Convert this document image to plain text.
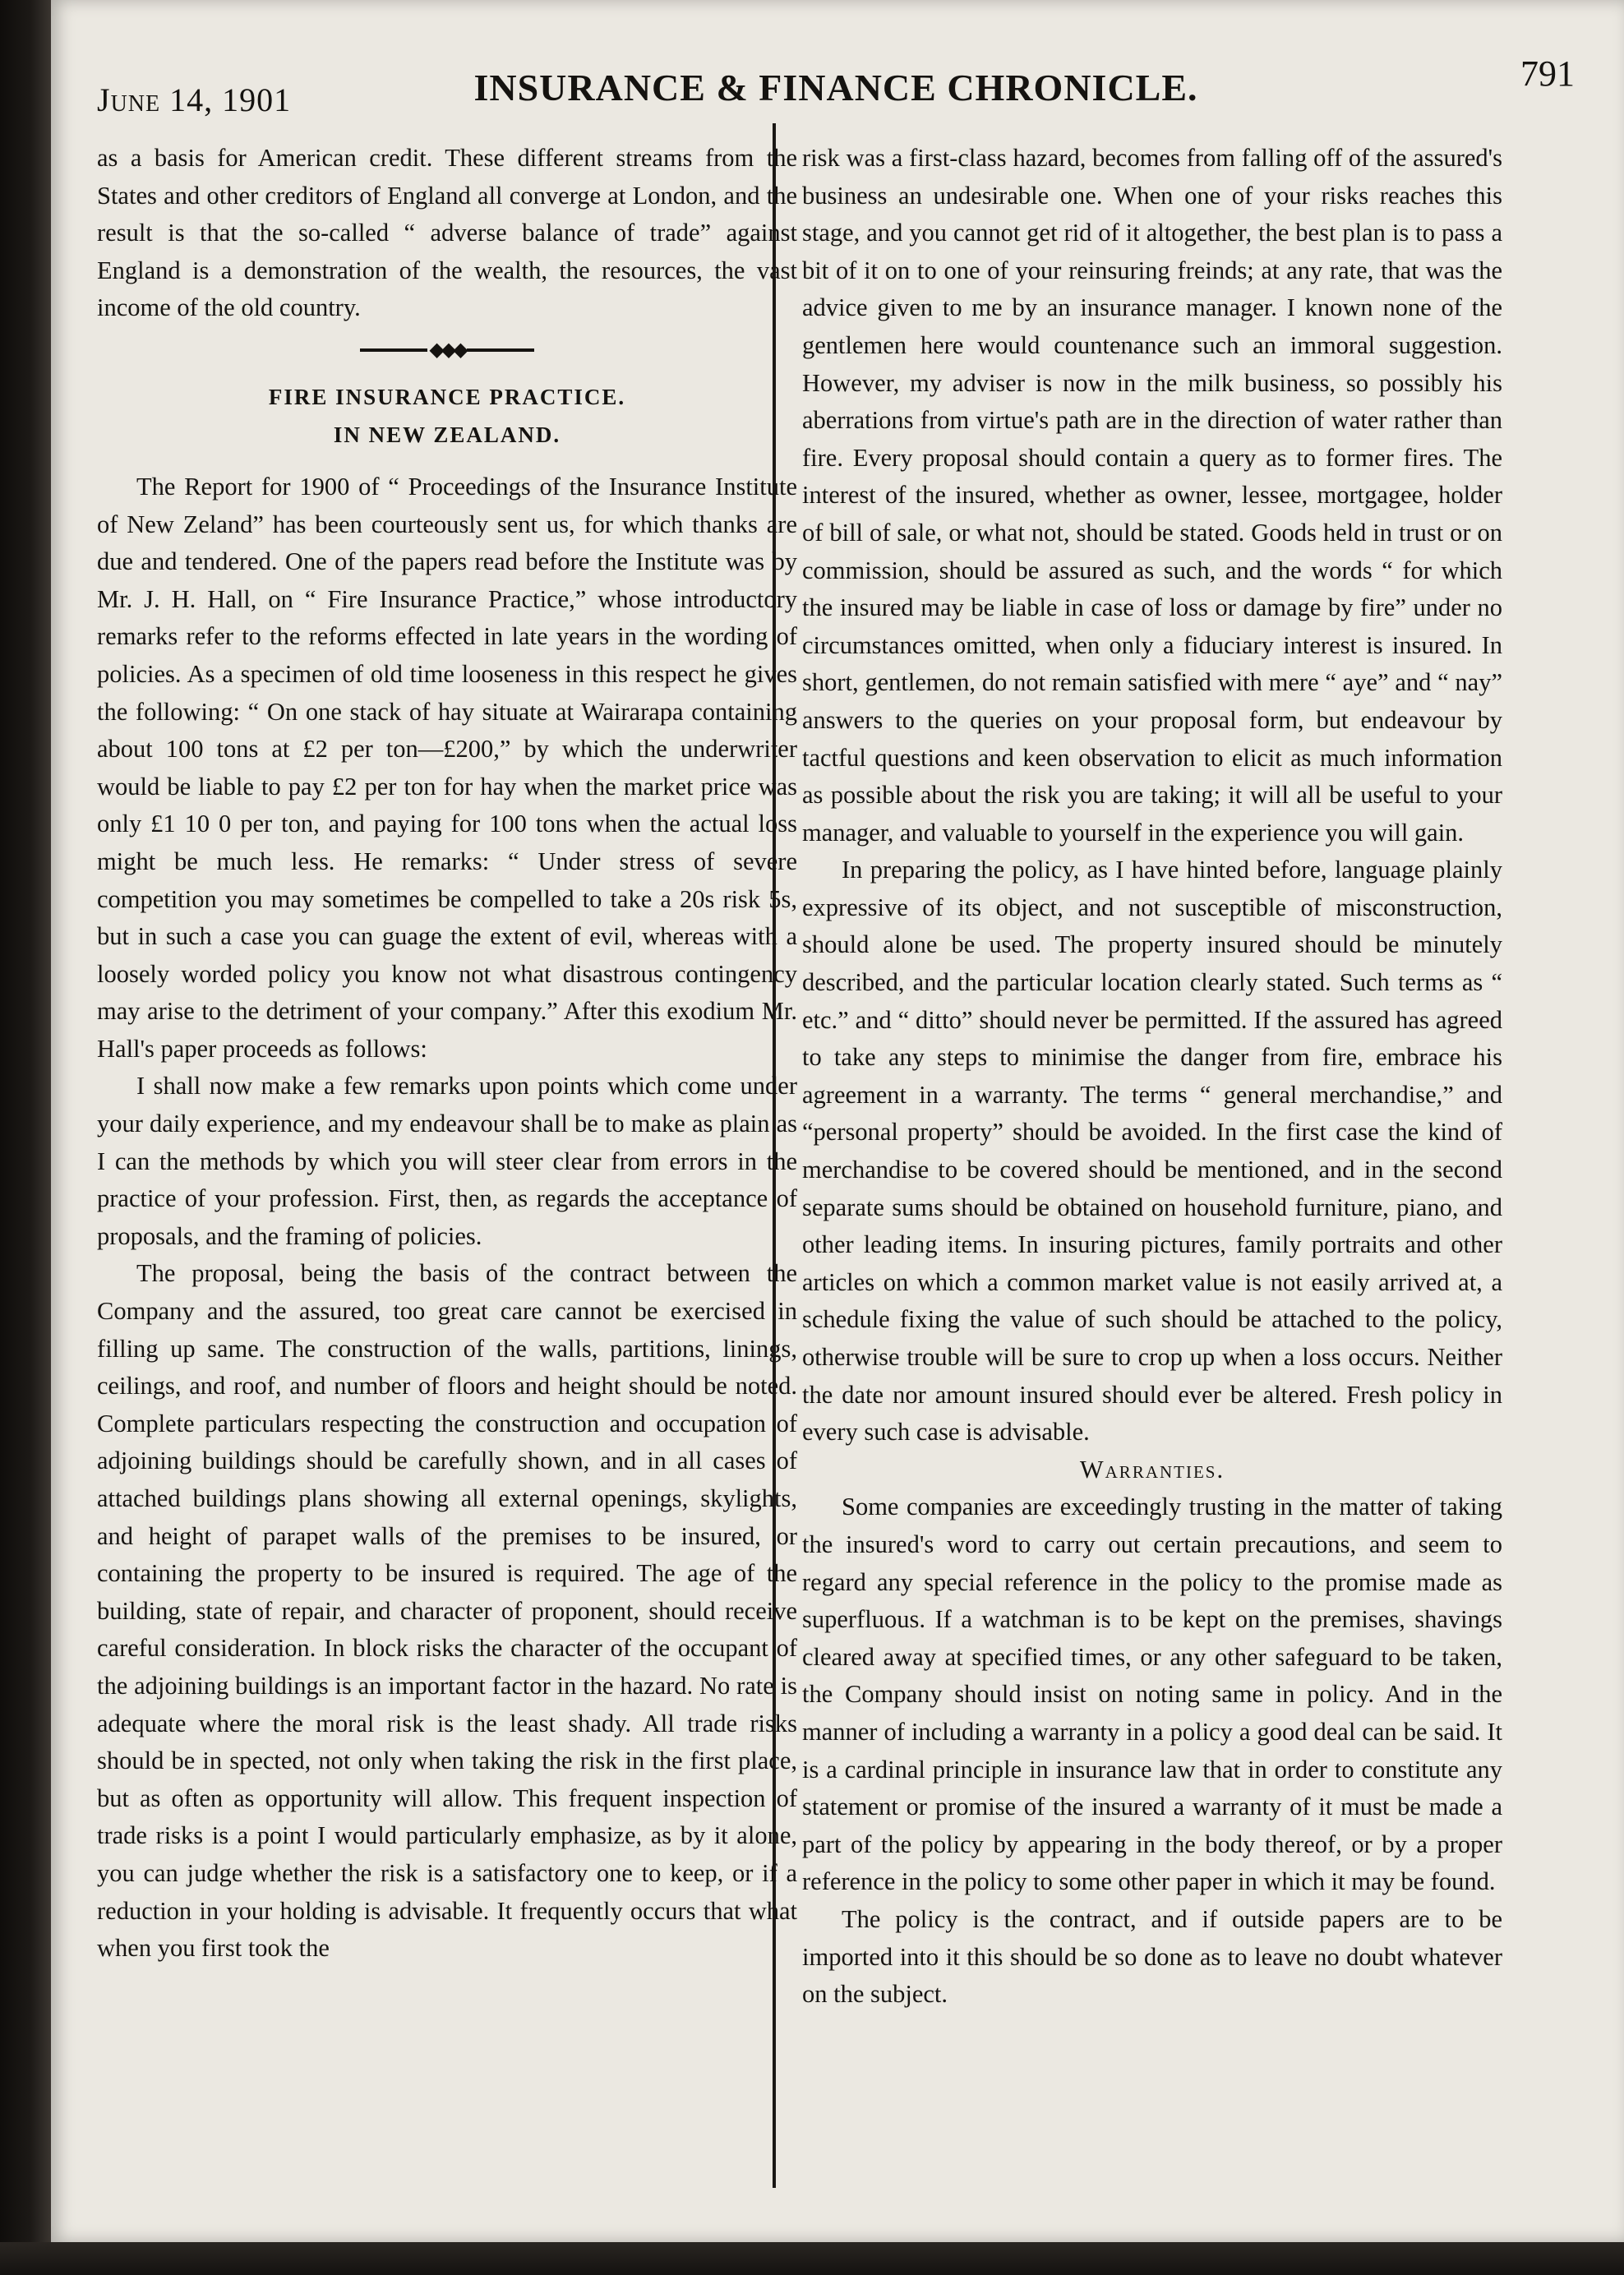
June 14, 1901	INSURANCE & FINANCE CHRONICLE.	791

as a basis for American credit. These different streams from the States and other creditors of England all converge at London, and the result is that the so-called “ adverse balance of trade” against England is a demonstration of the wealth, the resources, the vast income of the old country.

◆◆◆

FIRE INSURANCE PRACTICE.

IN NEW ZEALAND.

The Report for 1900 of “ Proceedings of the Insurance Institute of New Zeland” has been courteously sent us, for which thanks are due and tendered. One of the papers read before the Institute was by Mr. J. H. Hall, on “ Fire Insurance Practice,” whose introductory remarks refer to the reforms effected in late years in the wording of policies. As a specimen of old time looseness in this respect he gives the following: “ On one stack of hay situate at Wairarapa containing about 100 tons at £2 per ton—£200,” by which the underwriter would be liable to pay £2 per ton for hay when the market price was only £1 10 0 per ton, and paying for 100 tons when the actual loss might be much less. He remarks: “ Under stress of severe competition you may sometimes be compelled to take a 20s risk 5s, but in such a case you can guage the extent of evil, whereas with a loosely worded policy you know not what disastrous contingency may arise to the detriment of your company.” After this exodium Mr. Hall's paper proceeds as follows:

I shall now make a few remarks upon points which come under your daily experience, and my endeavour shall be to make as plain as I can the methods by which you will steer clear from errors in the practice of your profession. First, then, as regards the acceptance of proposals, and the framing of policies.

The proposal, being the basis of the contract between the Company and the assured, too great care cannot be exercised in filling up same. The construction of the walls, partitions, linings, ceilings, and roof, and number of floors and height should be noted. Complete particulars respecting the construction and occupation of adjoining buildings should be carefully shown, and in all cases of attached buildings plans showing all external openings, skylights, and height of parapet walls of the premises to be insured, or containing the property to be insured is required. The age of the building, state of repair, and character of proponent, should receive careful consideration. In block risks the character of the occupant of the adjoining buildings is an important factor in the hazard. No rate is adequate where the moral risk is the least shady. All trade risks should be in spected, not only when taking the risk in the first place, but as often as opportunity will allow. This frequent inspection of trade risks is a point I would particularly emphasize, as by it alone, you can judge whether the risk is a satisfactory one to keep, or if a reduction in your holding is advisable. It frequently occurs that what when you first took the

risk was a first-class hazard, becomes from falling off of the assured's business an undesirable one. When one of your risks reaches this stage, and you cannot get rid of it altogether, the best plan is to pass a bit of it on to one of your reinsuring freinds; at any rate, that was the advice given to me by an insurance manager. I known none of the gentlemen here would countenance such an immoral suggestion. However, my adviser is now in the milk business, so possibly his aberrations from virtue's path are in the direction of water rather than fire. Every proposal should contain a query as to former fires. The interest of the insured, whether as owner, lessee, mortgagee, holder of bill of sale, or what not, should be stated. Goods held in trust or on commission, should be assured as such, and the words “ for which the insured may be liable in case of loss or damage by fire” under no circumstances omitted, when only a fiduciary interest is insured. In short, gentlemen, do not remain satisfied with mere “ aye” and “ nay” answers to the queries on your proposal form, but endeavour by tactful questions and keen observation to elicit as much information as possible about the risk you are taking; it will all be useful to your manager, and valuable to yourself in the experience you will gain.

In preparing the policy, as I have hinted before, language plainly expressive of its object, and not susceptible of misconstruction, should alone be used. The property insured should be minutely described, and the particular location clearly stated. Such terms as “ etc.” and “ ditto” should never be permitted. If the assured has agreed to take any steps to minimise the danger from fire, embrace his agreement in a warranty. The terms “ general merchandise,” and “personal property” should be avoided. In the first case the kind of merchandise to be covered should be mentioned, and in the second separate sums should be obtained on household furniture, piano, and other leading items. In insuring pictures, family portraits and other articles on which a common market value is not easily arrived at, a schedule fixing the value of such should be attached to the policy, otherwise trouble will be sure to crop up when a loss occurs. Neither the date nor amount insured should ever be altered. Fresh policy in every such case is advisable.

Warranties.

Some companies are exceedingly trusting in the matter of taking the insured's word to carry out certain precautions, and seem to regard any special reference in the policy to the promise made as superfluous. If a watchman is to be kept on the premises, shavings cleared away at specified times, or any other safeguard to be taken, the Company should insist on noting same in policy. And in the manner of including a warranty in a policy a good deal can be said. It is a cardinal principle in insurance law that in order to constitute any statement or promise of the insured a warranty of it must be made a part of the policy by appearing in the body thereof, or by a proper reference in the policy to some other paper in which it may be found.

The policy is the contract, and if outside papers are to be imported into it this should be so done as to leave no doubt whatever on the subject.
